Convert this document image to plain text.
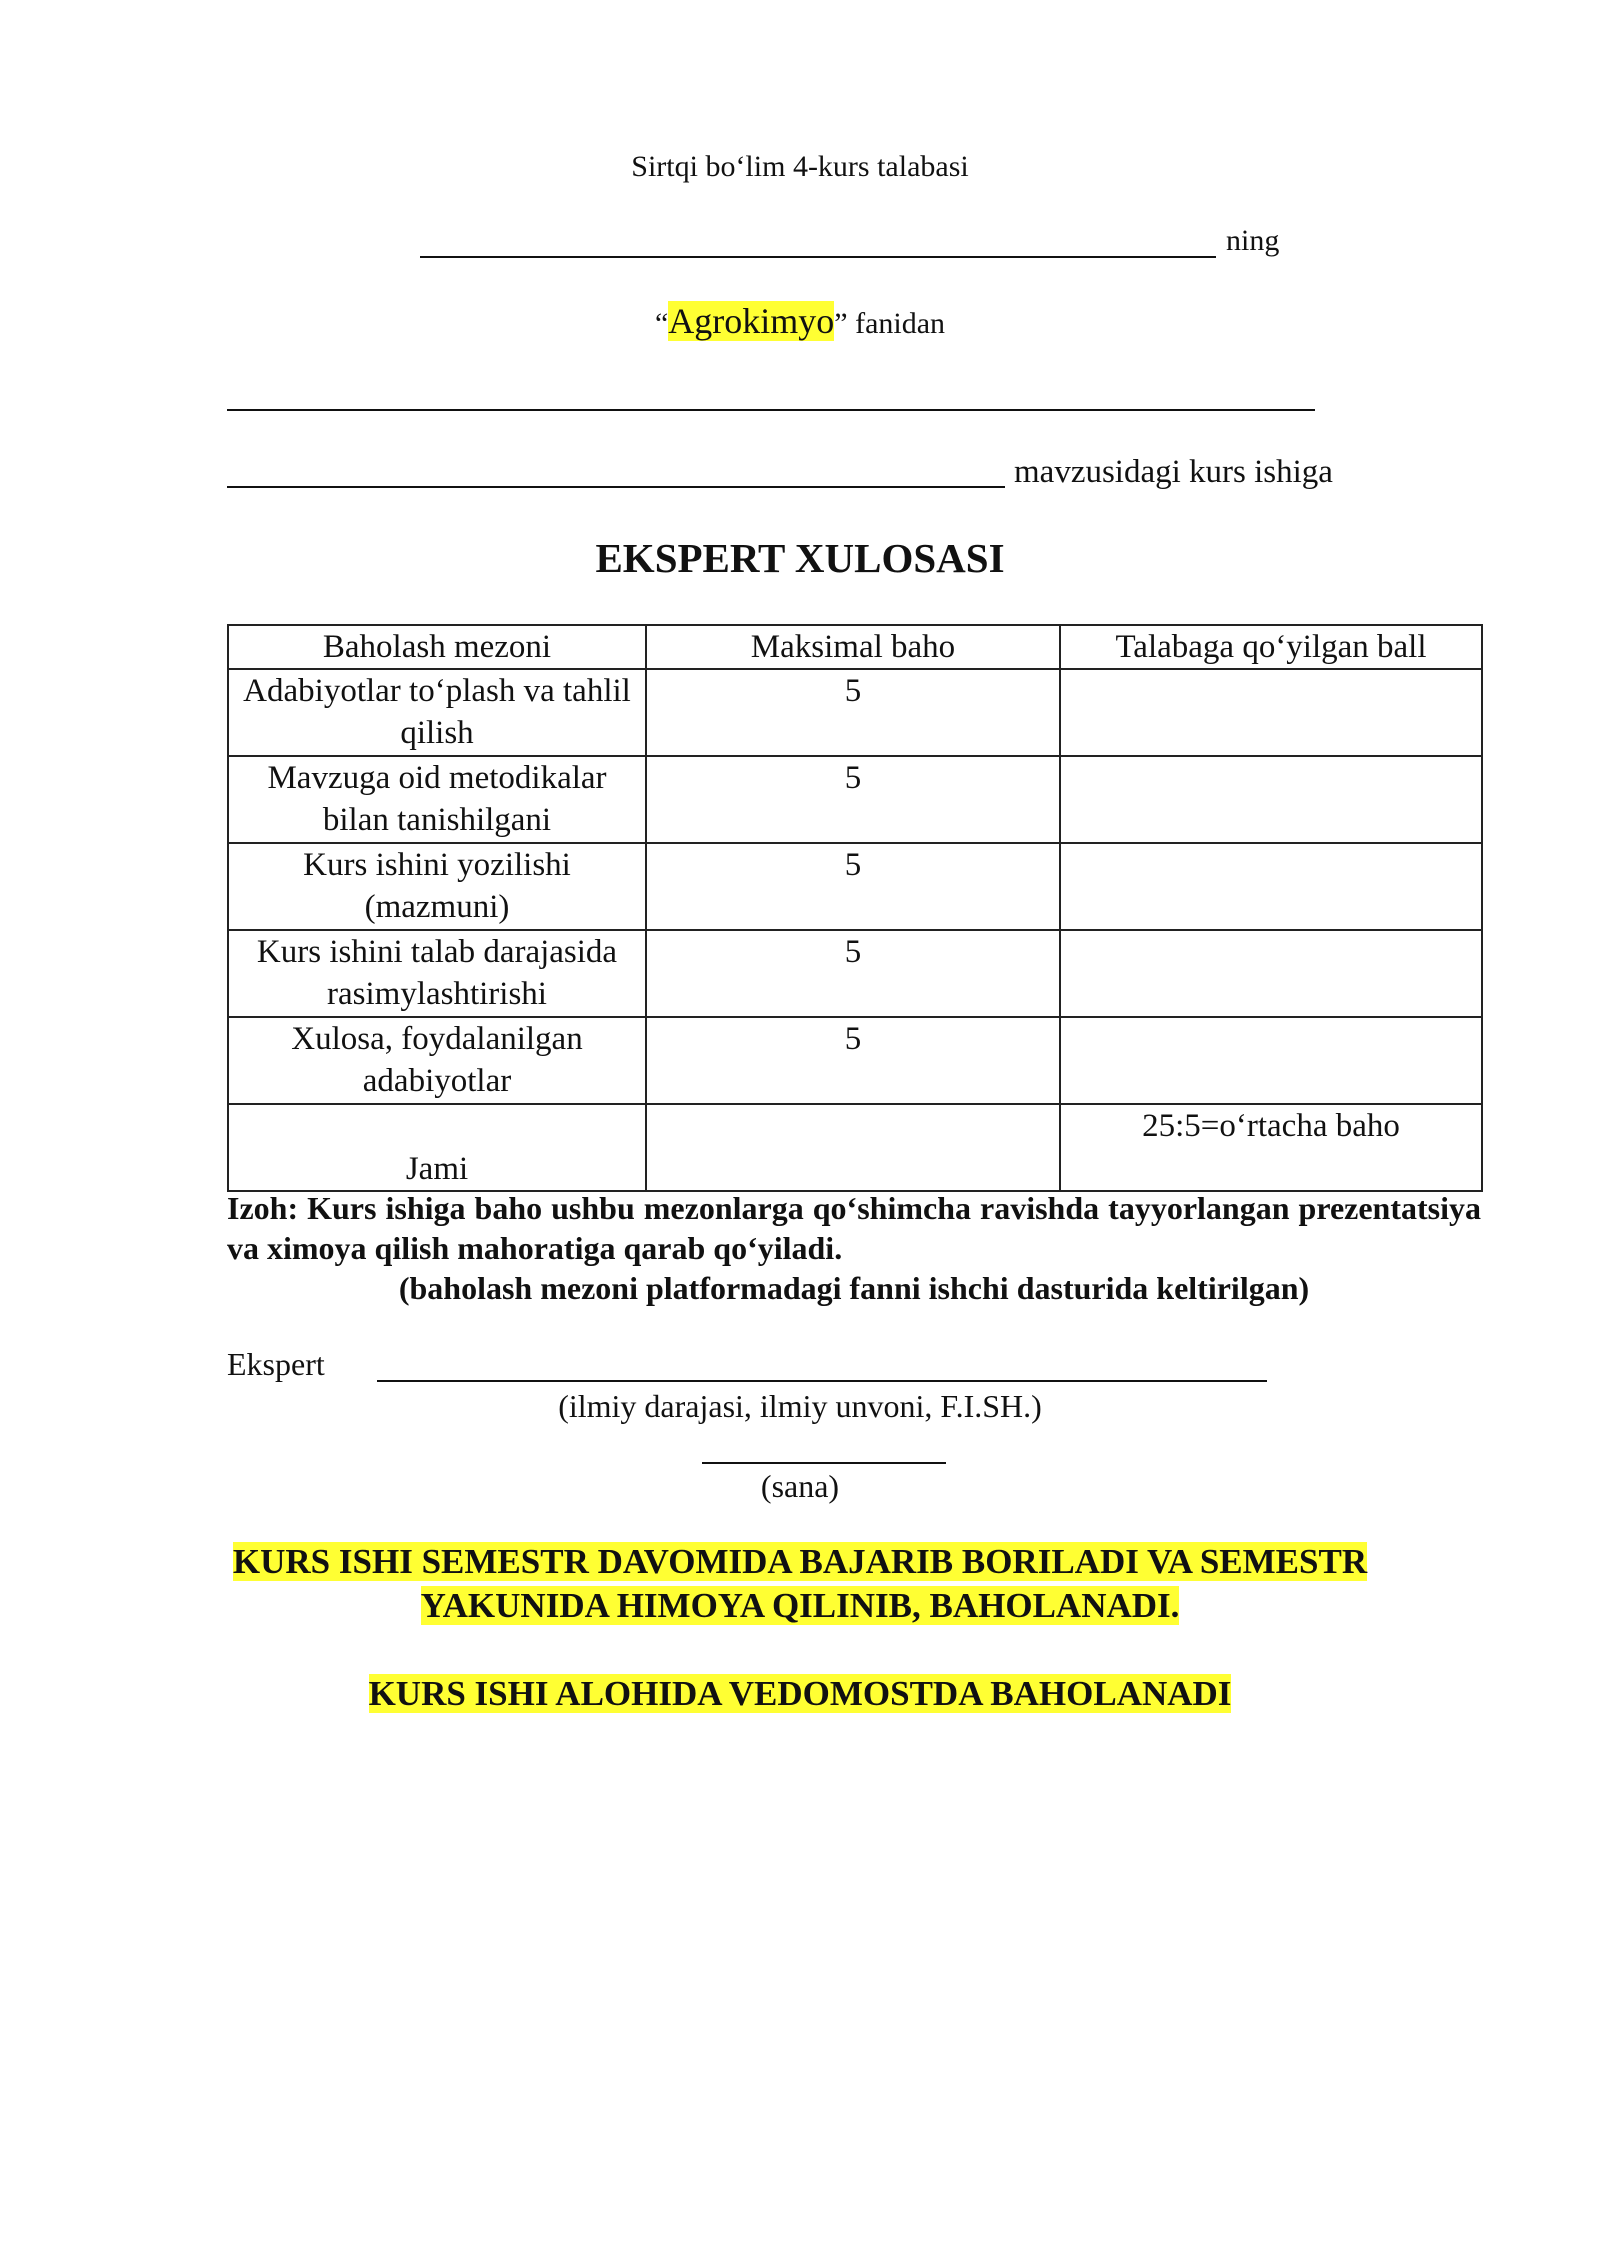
Sirtqi bo‘lim 4-kurs talabasi
ning
“Agrokimyo” fanidan
mavzusidagi kurs ishiga
EKSPERT XULOSASI
Baholash mezoni	Maksimal baho	Talabaga qo‘yilgan ball
Adabiyotlar to‘plash va tahlil qilish	5	
Mavzuga oid metodikalar bilan tanishilgani	5	
Kurs ishini yozilishi (mazmuni)	5	
Kurs ishini talab darajasida rasimylashtirishi	5	
Xulosa, foydalanilgan adabiyotlar	5	
Jami		25:5=o‘rtacha baho
Izoh: Kurs ishiga baho ushbu mezonlarga qo‘shimcha ravishda tayyorlangan prezentatsiya va ximoya qilish mahoratiga qarab qo‘yiladi.
(baholash mezoni platformadagi fanni ishchi dasturida keltirilgan)
Ekspert
(ilmiy darajasi, ilmiy unvoni, F.I.SH.)
(sana)
KURS ISHI SEMESTR DAVOMIDA BAJARIB BORILADI VA SEMESTR
YAKUNIDA HIMOYA QILINIB, BAHOLANADI.
KURS ISHI ALOHIDA VEDOMOSTDA BAHOLANADI
